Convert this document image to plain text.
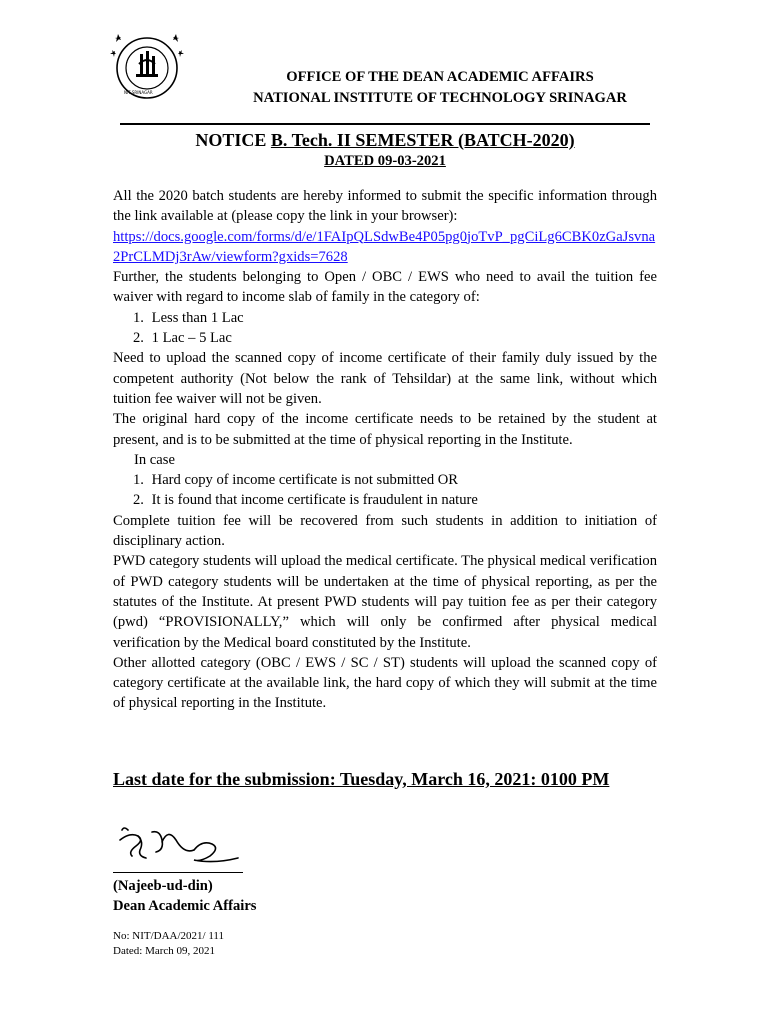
NIT SRINAGAR
OFFICE OF THE DEAN ACADEMIC AFFAIRS
NATIONAL INSTITUTE OF TECHNOLOGY SRINAGAR
NOTICE B. Tech. II SEMESTER (BATCH-2020)
DATED 09-03-2021

All the 2020 batch students are hereby informed to submit the specific information through the link available at (please copy the link in your browser):

https://docs.google.com/forms/d/e/1FAIpQLSdwBe4P05pg0joTvP_pgCiLg6CBK0zGaJsvna2PrCLMDj3rAw/viewform?gxids=7628

Further, the students belonging to Open / OBC / EWS who need to avail the tuition fee waiver with regard to income slab of family in the category of:

1. Less than 1 Lac
2. 1 Lac – 5 Lac

Need to upload the scanned copy of income certificate of their family duly issued by the competent authority (Not below the rank of Tehsildar) at the same link, without which tuition fee waiver will not be given.

The original hard copy of the income certificate needs to be retained by the student at present, and is to be submitted at the time of physical reporting in the Institute.

In case

1. Hard copy of income certificate is not submitted OR
2. It is found that income certificate is fraudulent in nature

Complete tuition fee will be recovered from such students in addition to initiation of disciplinary action.

PWD category students will upload the medical certificate. The physical medical verification of PWD category students will be undertaken at the time of physical reporting, as per the statutes of the Institute. At present PWD students will pay tuition fee as per their category (pwd) “PROVISIONALLY,” which will only be confirmed after physical medical verification by the Medical board constituted by the Institute.

Other allotted category (OBC / EWS / SC / ST) students will upload the scanned copy of category certificate at the available link, the hard copy of which they will submit at the time of physical reporting in the Institute.

Last date for the submission: Tuesday, March 16, 2021: 0100 PM
(Najeeb-ud-din)
Dean Academic Affairs
No: NIT/DAA/2021/ 111
Dated: March 09, 2021
